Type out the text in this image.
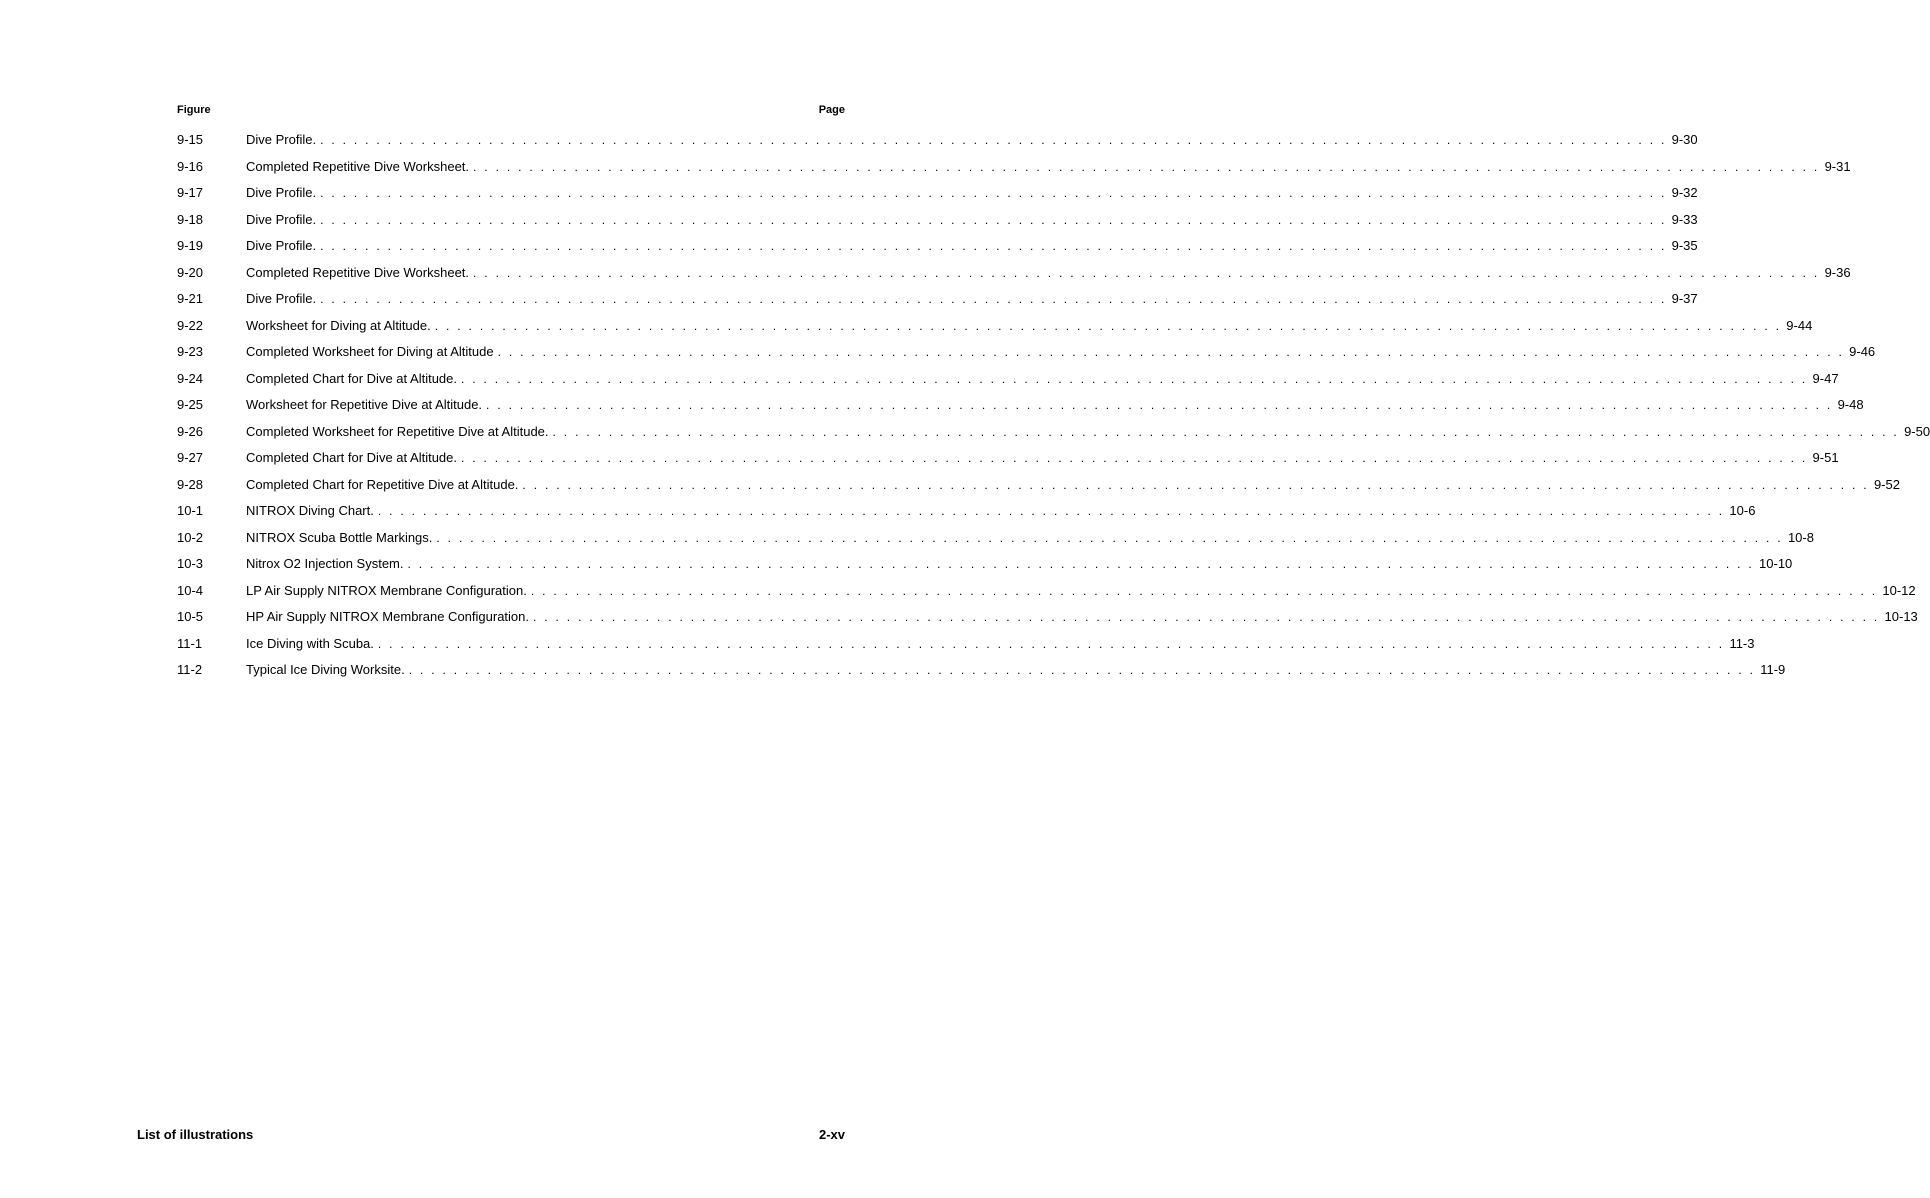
Figure	Page
9-15	Dive Profile. . . . . . . . . . . . . . . . . . . . . . . . . . . . . . . . . . . . . . . . . . . . . . . . . . . . . . . . . . . . . . . . . . . . . . . . . . . . . . . . . . . . . . . . . . . . . . . . . . . . . . . . . . . . . . . . . . . . . . . . . 9-30
9-16	Completed Repetitive Dive Worksheet. . . . . . . . . . . . . . . . . . . . . . . . . . . . . . . . . . . . . . . . . . . . . . . . . . . . . . . . . . . . . . . . . . . . . . . . . . . . . . . . . . . . . . . . . . . . . . . . . . . . . . . . . . . . . . . . . . . . . . . . . 9-31
9-17	Dive Profile. . . . . . . . . . . . . . . . . . . . . . . . . . . . . . . . . . . . . . . . . . . . . . . . . . . . . . . . . . . . . . . . . . . . . . . . . . . . . . . . . . . . . . . . . . . . . . . . . . . . . . . . . . . . . . . . . . . . . . . . . 9-32
9-18	Dive Profile. . . . . . . . . . . . . . . . . . . . . . . . . . . . . . . . . . . . . . . . . . . . . . . . . . . . . . . . . . . . . . . . . . . . . . . . . . . . . . . . . . . . . . . . . . . . . . . . . . . . . . . . . . . . . . . . . . . . . . . . . 9-33
9-19	Dive Profile. . . . . . . . . . . . . . . . . . . . . . . . . . . . . . . . . . . . . . . . . . . . . . . . . . . . . . . . . . . . . . . . . . . . . . . . . . . . . . . . . . . . . . . . . . . . . . . . . . . . . . . . . . . . . . . . . . . . . . . . . 9-35
9-20	Completed Repetitive Dive Worksheet. . . . . . . . . . . . . . . . . . . . . . . . . . . . . . . . . . . . . . . . . . . . . . . . . . . . . . . . . . . . . . . . . . . . . . . . . . . . . . . . . . . . . . . . . . . . . . . . . . . . . . . . . . . . . . . . . . . . . . . . . 9-36
9-21	Dive Profile. . . . . . . . . . . . . . . . . . . . . . . . . . . . . . . . . . . . . . . . . . . . . . . . . . . . . . . . . . . . . . . . . . . . . . . . . . . . . . . . . . . . . . . . . . . . . . . . . . . . . . . . . . . . . . . . . . . . . . . . . 9-37
9-22	Worksheet for Diving at Altitude. . . . . . . . . . . . . . . . . . . . . . . . . . . . . . . . . . . . . . . . . . . . . . . . . . . . . . . . . . . . . . . . . . . . . . . . . . . . . . . . . . . . . . . . . . . . . . . . . . . . . . . . . . . . . . . . . . . . . . . . . 9-44
9-23	Completed Worksheet for Diving at Altitude . . . . . . . . . . . . . . . . . . . . . . . . . . . . . . . . . . . . . . . . . . . . . . . . . . . . . . . . . . . . . . . . . . . . . . . . . . . . . . . . . . . . . . . . . . . . . . . . . . . . . . . . . . . . . . . . . . . . . . . . 9-46
9-24	Completed Chart for Dive at Altitude. . . . . . . . . . . . . . . . . . . . . . . . . . . . . . . . . . . . . . . . . . . . . . . . . . . . . . . . . . . . . . . . . . . . . . . . . . . . . . . . . . . . . . . . . . . . . . . . . . . . . . . . . . . . . . . . . . . . . . . . . 9-47
9-25	Worksheet for Repetitive Dive at Altitude. . . . . . . . . . . . . . . . . . . . . . . . . . . . . . . . . . . . . . . . . . . . . . . . . . . . . . . . . . . . . . . . . . . . . . . . . . . . . . . . . . . . . . . . . . . . . . . . . . . . . . . . . . . . . . . . . . . . . . . . . 9-48
9-26	Completed Worksheet for Repetitive Dive at Altitude. . . . . . . . . . . . . . . . . . . . . . . . . . . . . . . . . . . . . . . . . . . . . . . . . . . . . . . . . . . . . . . . . . . . . . . . . . . . . . . . . . . . . . . . . . . . . . . . . . . . . . . . . . . . . . . . . . . . . . . . . 9-50
9-27	Completed Chart for Dive at Altitude. . . . . . . . . . . . . . . . . . . . . . . . . . . . . . . . . . . . . . . . . . . . . . . . . . . . . . . . . . . . . . . . . . . . . . . . . . . . . . . . . . . . . . . . . . . . . . . . . . . . . . . . . . . . . . . . . . . . . . . . . 9-51
9-28	Completed Chart for Repetitive Dive at Altitude. . . . . . . . . . . . . . . . . . . . . . . . . . . . . . . . . . . . . . . . . . . . . . . . . . . . . . . . . . . . . . . . . . . . . . . . . . . . . . . . . . . . . . . . . . . . . . . . . . . . . . . . . . . . . . . . . . . . . . . . . 9-52
10-1	NITROX Diving Chart. . . . . . . . . . . . . . . . . . . . . . . . . . . . . . . . . . . . . . . . . . . . . . . . . . . . . . . . . . . . . . . . . . . . . . . . . . . . . . . . . . . . . . . . . . . . . . . . . . . . . . . . . . . . . . . . . . . . . . . . . 10-6
10-2	NITROX Scuba Bottle Markings. . . . . . . . . . . . . . . . . . . . . . . . . . . . . . . . . . . . . . . . . . . . . . . . . . . . . . . . . . . . . . . . . . . . . . . . . . . . . . . . . . . . . . . . . . . . . . . . . . . . . . . . . . . . . . . . . . . . . . . . . 10-8
10-3	Nitrox O2 Injection System. . . . . . . . . . . . . . . . . . . . . . . . . . . . . . . . . . . . . . . . . . . . . . . . . . . . . . . . . . . . . . . . . . . . . . . . . . . . . . . . . . . . . . . . . . . . . . . . . . . . . . . . . . . . . . . . . . . . . . . . . 10-10
10-4	LP Air Supply NITROX Membrane Configuration. . . . . . . . . . . . . . . . . . . . . . . . . . . . . . . . . . . . . . . . . . . . . . . . . . . . . . . . . . . . . . . . . . . . . . . . . . . . . . . . . . . . . . . . . . . . . . . . . . . . . . . . . . . . . . . . . . . . . . . . . 10-12
10-5	HP Air Supply NITROX Membrane Configuration. . . . . . . . . . . . . . . . . . . . . . . . . . . . . . . . . . . . . . . . . . . . . . . . . . . . . . . . . . . . . . . . . . . . . . . . . . . . . . . . . . . . . . . . . . . . . . . . . . . . . . . . . . . . . . . . . . . . . . . . . 10-13
11-1	Ice Diving with Scuba. . . . . . . . . . . . . . . . . . . . . . . . . . . . . . . . . . . . . . . . . . . . . . . . . . . . . . . . . . . . . . . . . . . . . . . . . . . . . . . . . . . . . . . . . . . . . . . . . . . . . . . . . . . . . . . . . . . . . . . . . 11-3
11-2	Typical Ice Diving Worksite. . . . . . . . . . . . . . . . . . . . . . . . . . . . . . . . . . . . . . . . . . . . . . . . . . . . . . . . . . . . . . . . . . . . . . . . . . . . . . . . . . . . . . . . . . . . . . . . . . . . . . . . . . . . . . . . . . . . . . . . . 11-9
List of illustrations	2-xv
